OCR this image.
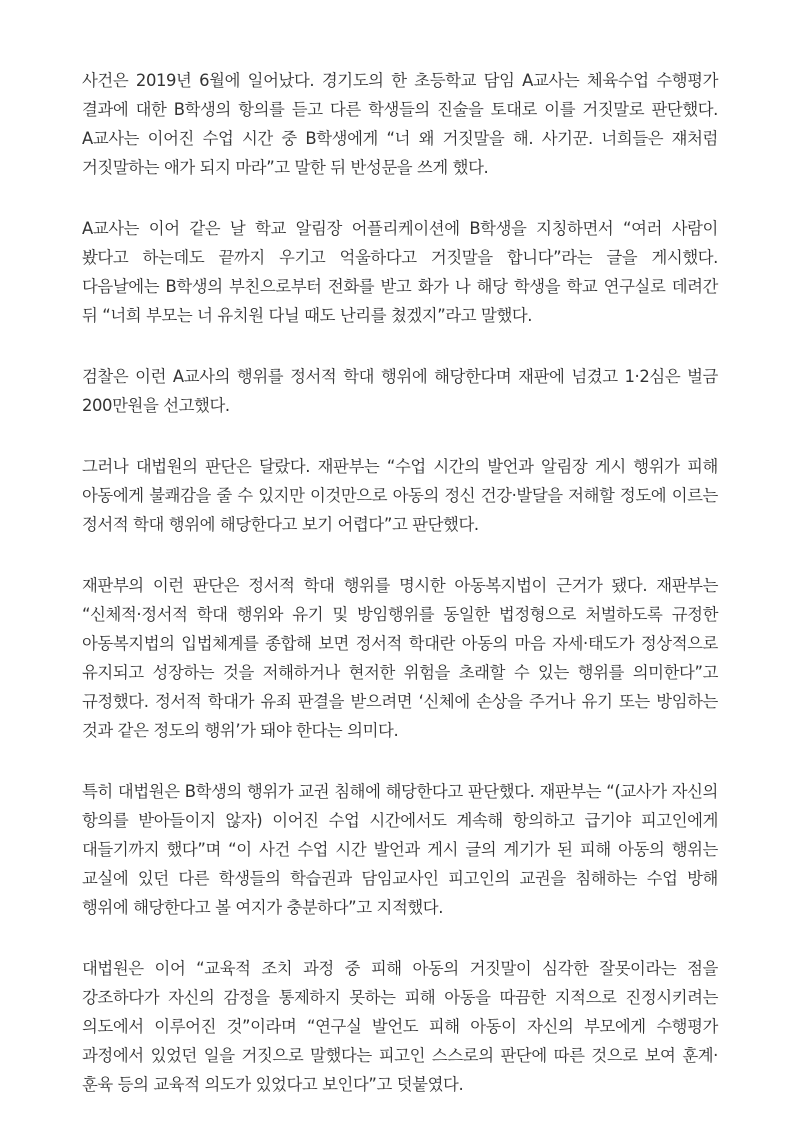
사건은 2019년 6월에 일어났다. 경기도의 한 초등학교 담임 A교사는 체육수업 수행평가 결과에 대한 B학생의 항의를 듣고 다른 학생들의 진술을 토대로 이를 거짓말로 판단했다. A교사는 이어진 수업 시간 중 B학생에게 “너 왜 거짓말을 해. 사기꾼. 너희들은 쟤처럼 거짓말하는 애가 되지 마라”고 말한 뒤 반성문을 쓰게 했다.

A교사는 이어 같은 날 학교 알림장 어플리케이션에 B학생을 지칭하면서 “여러 사람이 봤다고 하는데도 끝까지 우기고 억울하다고 거짓말을 합니다”라는 글을 게시했다. 다음날에는 B학생의 부친으로부터 전화를 받고 화가 나 해당 학생을 학교 연구실로 데려간 뒤 “너희 부모는 너 유치원 다닐 때도 난리를 쳤겠지”라고 말했다.

검찰은 이런 A교사의 행위를 정서적 학대 행위에 해당한다며 재판에 넘겼고 1·2심은 벌금 200만원을 선고했다.

그러나 대법원의 판단은 달랐다. 재판부는 “수업 시간의 발언과 알림장 게시 행위가 피해 아동에게 불쾌감을 줄 수 있지만 이것만으로 아동의 정신 건강·발달을 저해할 정도에 이르는 정서적 학대 행위에 해당한다고 보기 어렵다”고 판단했다.

재판부의 이런 판단은 정서적 학대 행위를 명시한 아동복지법이 근거가 됐다. 재판부는 “신체적·정서적 학대 행위와 유기 및 방임행위를 동일한 법정형으로 처벌하도록 규정한 아동복지법의 입법체계를 종합해 보면 정서적 학대란 아동의 마음 자세·태도가 정상적으로 유지되고 성장하는 것을 저해하거나 현저한 위험을 초래할 수 있는 행위를 의미한다”고 규정했다. 정서적 학대가 유죄 판결을 받으려면 ‘신체에 손상을 주거나 유기 또는 방임하는 것과 같은 정도의 행위’가 돼야 한다는 의미다.

특히 대법원은 B학생의 행위가 교권 침해에 해당한다고 판단했다. 재판부는 “(교사가 자신의 항의를 받아들이지 않자) 이어진 수업 시간에서도 계속해 항의하고 급기야 피고인에게 대들기까지 했다”며 “이 사건 수업 시간 발언과 게시 글의 계기가 된 피해 아동의 행위는 교실에 있던 다른 학생들의 학습권과 담임교사인 피고인의 교권을 침해하는 수업 방해 행위에 해당한다고 볼 여지가 충분하다”고 지적했다.

대법원은 이어 “교육적 조치 과정 중 피해 아동의 거짓말이 심각한 잘못이라는 점을 강조하다가 자신의 감정을 통제하지 못하는 피해 아동을 따끔한 지적으로 진정시키려는 의도에서 이루어진 것”이라며 “연구실 발언도 피해 아동이 자신의 부모에게 수행평가 과정에서 있었던 일을 거짓으로 말했다는 피고인 스스로의 판단에 따른 것으로 보여 훈계·훈육 등의 교육적 의도가 있었다고 보인다”고 덧붙였다.
